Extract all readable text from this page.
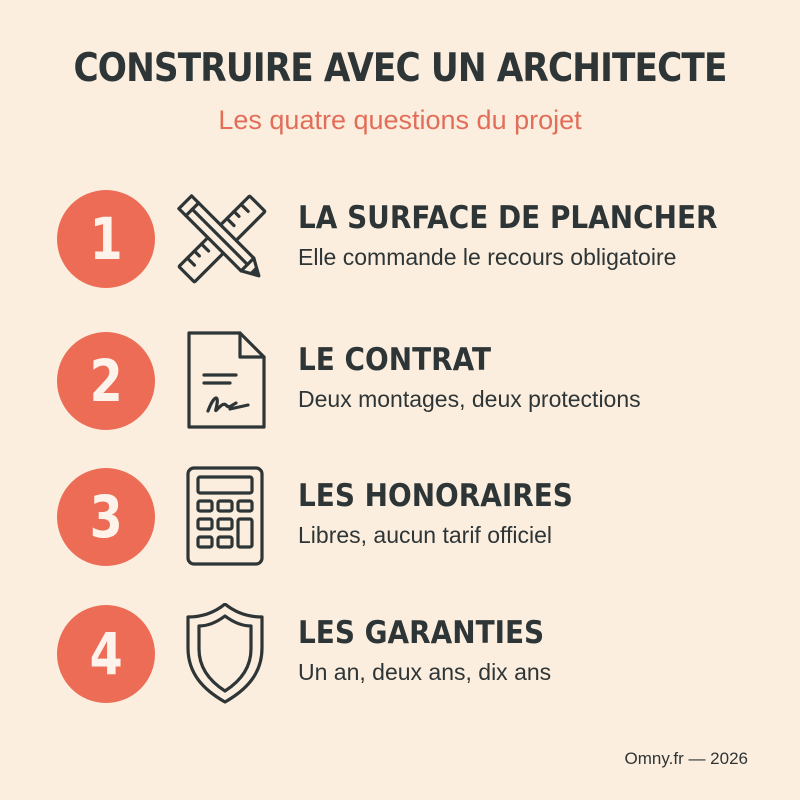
CONSTRUIRE AVEC UN ARCHITECTE

Les quatre questions du projet

1	LA SURFACE DE PLANCHER

Elle commande le recours obligatoire

2	LE CONTRAT

Deux montages, deux protections

3	LES HONORAIRES

Libres, aucun tarif officiel

4	LES GARANTIES

Un an, deux ans, dix ans

Omny.fr — 2026
